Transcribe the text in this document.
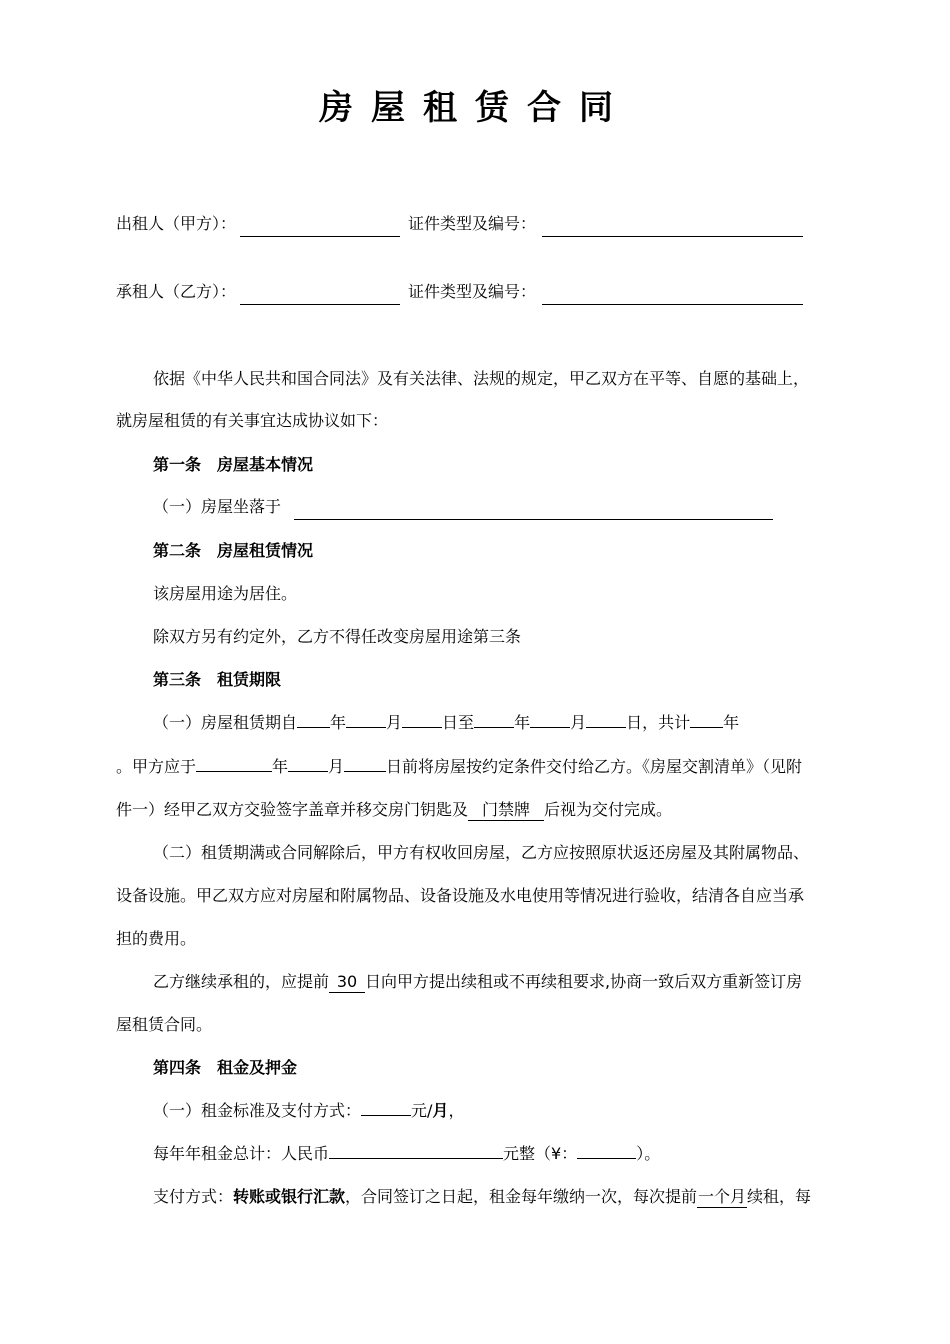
房屋租赁合同
出租人（甲方）：	证件类型及编号：
承租人（乙方）：	证件类型及编号：
依据《中华人民共和国合同法》及有关法律、法规的规定，甲乙双方在平等、自愿的基础上，
就房屋租赁的有关事宜达成协议如下：
第一条　房屋基本情况
（一）房屋坐落于
第二条　房屋租赁情况
该房屋用途为居住。
除双方另有约定外，乙方不得任改变房屋用途第三条
第三条　租赁期限
（一）房屋租赁期自 年	月	日至	年	月	日，共计 年
。甲方应于	年	月	日前将房屋按约定条件交付给乙方。《房屋交割清单》（见附
件一）经甲乙双方交验签字盖章并移交房门钥匙及 门禁牌 后视为交付完成。
（二）租赁期满或合同解除后，甲方有权收回房屋，乙方应按照原状返还房屋及其附属物品、
设备设施。甲乙双方应对房屋和附属物品、设备设施及水电使用等情况进行验收，结清各自应当承
担的费用。
乙方继续承租的，应提前 30 日向甲方提出续租或不再续租要求,协商一致后双方重新签订房
屋租赁合同。
第四条　租金及押金
（一）租金标准及支付方式：	元/月，
每年年租金总计：人民币	元整（¥：	）。
支付方式：转账或银行汇款，合同签订之日起，租金每年缴纳一次，每次提前一个月续租，每
